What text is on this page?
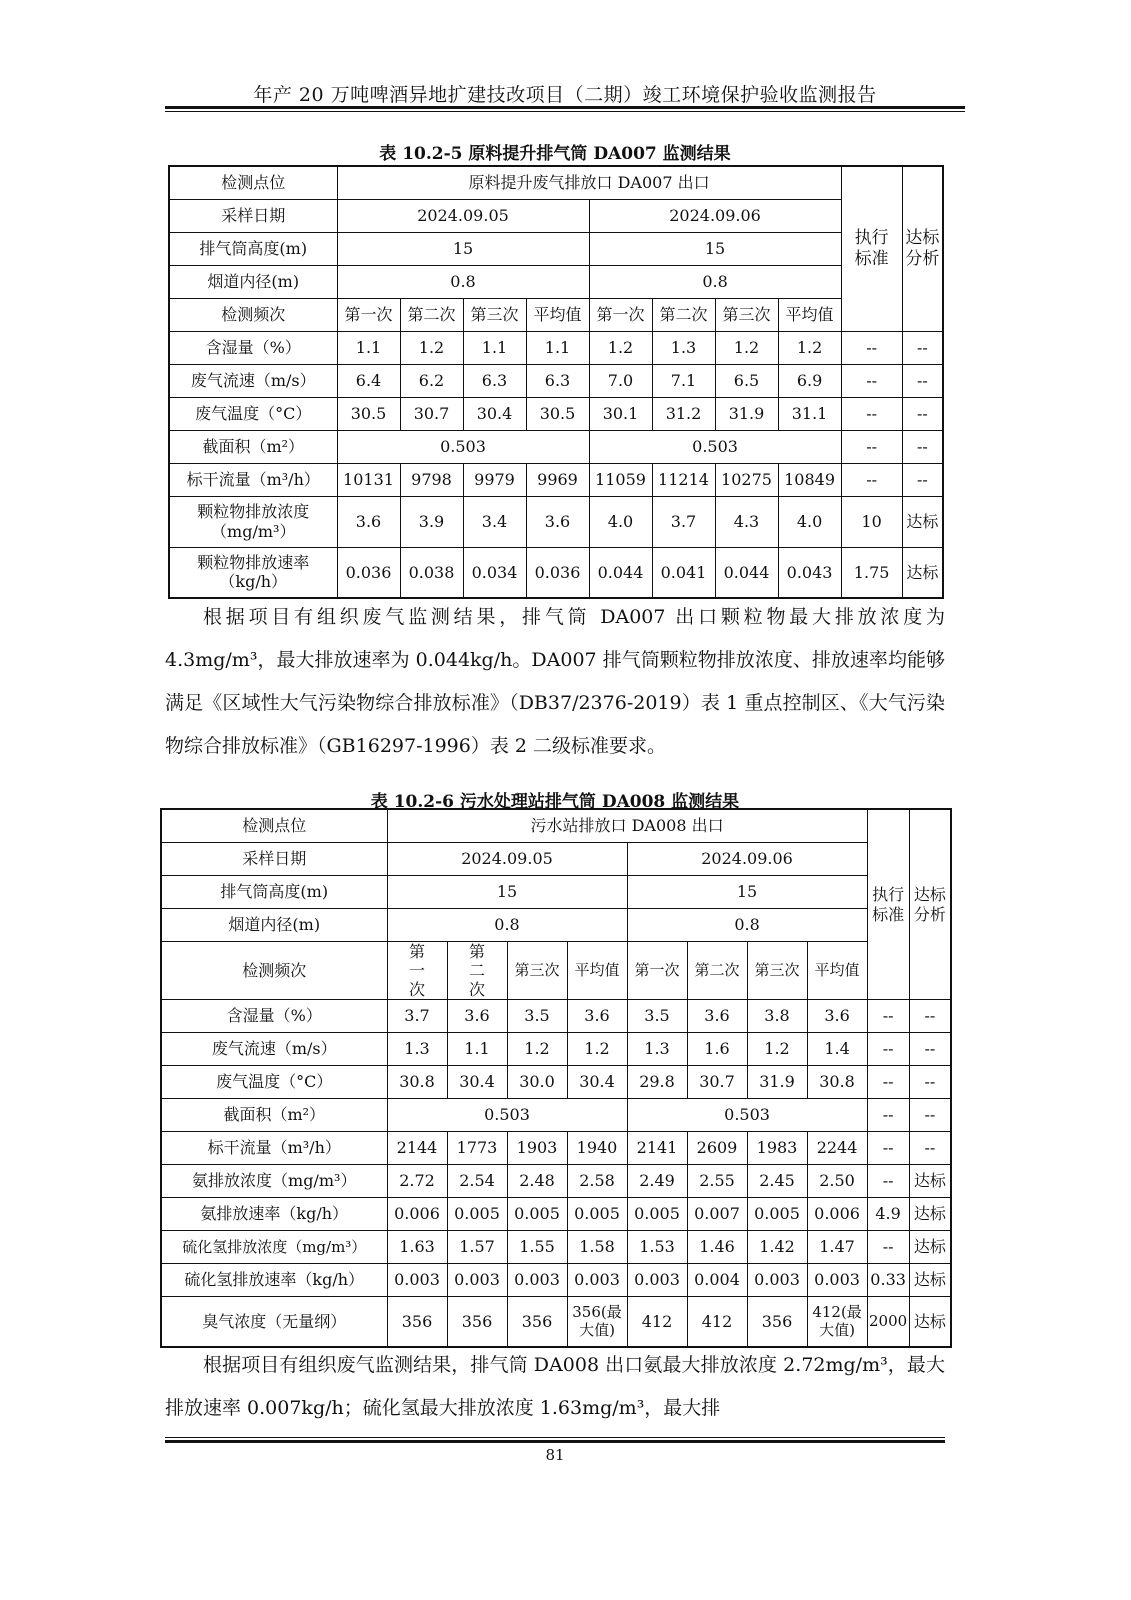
年产 20 万吨啤酒异地扩建技改项目（二期）竣工环境保护验收监测报告
表 10.2-5 原料提升排气筒 DA007 监测结果
检测点位	原料提升废气排放口 DA007 出口								执行标准	达标分析
采样日期	2024.09.05				2024.09.06					
排气筒高度(m)	15				15					
烟道内径(m)	0.8				0.8					
检测频次	第一次	第二次	第三次	平均值	第一次	第二次	第三次	平均值		
含湿量（%）	1.1	1.2	1.1	1.1	1.2	1.3	1.2	1.2	--	--
废气流速（m/s）	6.4	6.2	6.3	6.3	7.0	7.1	6.5	6.9	--	--
废气温度（°C）	30.5	30.7	30.4	30.5	30.1	31.2	31.9	31.1	--	--
截面积（m²）	0.503				0.503				--	--
标干流量（m³/h）	10131	9798	9979	9969	11059	11214	10275	10849	--	--
颗粒物排放浓度（mg/m³）	3.6	3.9	3.4	3.6	4.0	3.7	4.3	4.0	10	达标
颗粒物排放速率（kg/h）	0.036	0.038	0.034	0.036	0.044	0.041	0.044	0.043	1.75	达标

根据项目有组织废气监测结果，排气筒 DA007 出口颗粒物最大排放浓度为 4.3mg/m³，最大排放速率为 0.044kg/h。DA007 排气筒颗粒物排放浓度、排放速率均能够满足《区域性大气污染物综合排放标准》（DB37/2376-2019）表 1 重点控制区、《大气污染物综合排放标准》（GB16297-1996）表 2 二级标准要求。

表 10.2-6 污水处理站排气筒 DA008 监测结果
检测点位	污水站排放口 DA008 出口								执行标准	达标分析
采样日期	2024.09.05				2024.09.06					
排气筒高度(m)	15				15					
烟道内径(m)	0.8				0.8					
检测频次	第一次	第二次	第三次	平均值	第一次	第二次	第三次	平均值		
含湿量（%）	3.7	3.6	3.5	3.6	3.5	3.6	3.8	3.6	--	--
废气流速（m/s）	1.3	1.1	1.2	1.2	1.3	1.6	1.2	1.4	--	--
废气温度（°C）	30.8	30.4	30.0	30.4	29.8	30.7	31.9	30.8	--	--
截面积（m²）	0.503				0.503				--	--
标干流量（m³/h）	2144	1773	1903	1940	2141	2609	1983	2244	--	--
氨排放浓度（mg/m³）	2.72	2.54	2.48	2.58	2.49	2.55	2.45	2.50	--	达标
氨排放速率（kg/h）	0.006	0.005	0.005	0.005	0.005	0.007	0.005	0.006	4.9	达标
硫化氢排放浓度（mg/m³）	1.63	1.57	1.55	1.58	1.53	1.46	1.42	1.47	--	达标
硫化氢排放速率（kg/h）	0.003	0.003	0.003	0.003	0.003	0.004	0.003	0.003	0.33	达标
臭气浓度（无量纲）	356	356	356	356(最大值)	412	412	356	412(最大值)	2000	达标

根据项目有组织废气监测结果，排气筒 DA008 出口氨最大排放浓度 2.72mg/m³，最大排放速率 0.007kg/h；硫化氢最大排放浓度 1.63mg/m³，最大排

81
